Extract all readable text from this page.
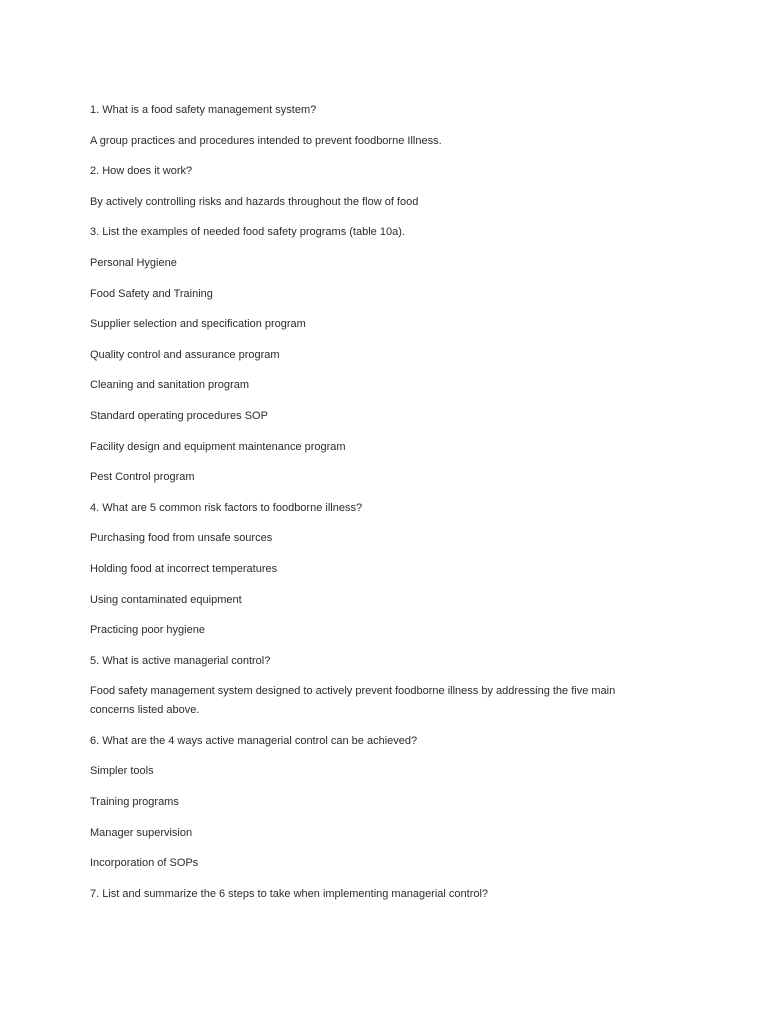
1. What is a food safety management system?

A group practices and procedures intended to prevent foodborne Illness.

2. How does it work?

By actively controlling risks and hazards throughout the flow of food

3. List the examples of needed food safety programs (table 10a).

Personal Hygiene

Food Safety and Training

Supplier selection and specification program

Quality control and assurance program

Cleaning and sanitation program

Standard operating procedures SOP

Facility design and equipment maintenance program

Pest Control program

4. What are 5 common risk factors to foodborne illness?

Purchasing food from unsafe sources

Holding food at incorrect temperatures

Using contaminated equipment

Practicing poor hygiene

5. What is active managerial control?

Food safety management system designed to actively prevent foodborne illness by addressing the five main concerns listed above.

6. What are the 4 ways active managerial control can be achieved?

Simpler tools

Training programs

Manager supervision

Incorporation of SOPs

7. List and summarize the 6 steps to take when implementing managerial control?
